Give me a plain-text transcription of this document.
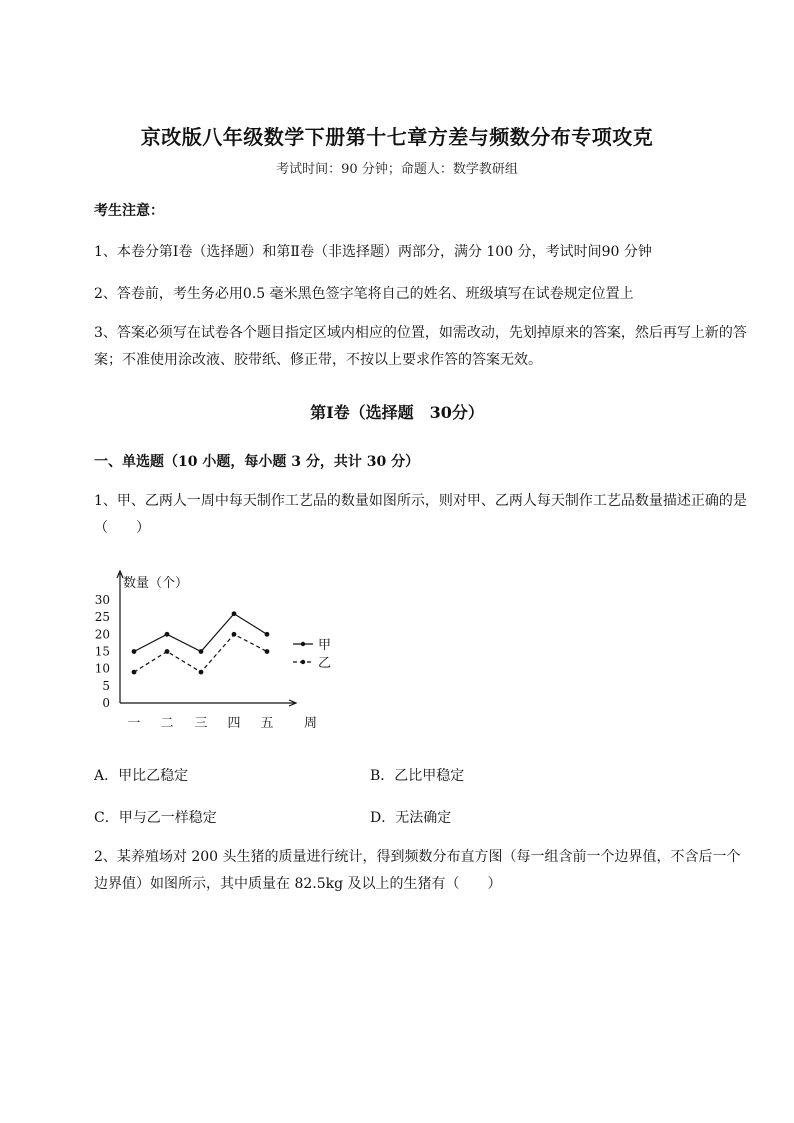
京改版八年级数学下册第十七章方差与频数分布专项攻克
考试时间：90 分钟；命题人：数学教研组
考生注意：
1、本卷分第Ⅰ卷（选择题）和第Ⅱ卷（非选择题）两部分，满分 100 分，考试时间90 分钟
2、答卷前，考生务必用0.5 毫米黑色签字笔将自己的姓名、班级填写在试卷规定位置上
3、答案必须写在试卷各个题目指定区域内相应的位置，如需改动，先划掉原来的答案，然后再写上新的答案；不准使用涂改液、胶带纸、修正带，不按以上要求作答的答案无效。
第Ⅰ卷（选择题　30分）
一、单选题（10 小题，每小题 3 分，共计 30 分）
1、甲、乙两人一周中每天制作工艺品的数量如图所示，则对甲、乙两人每天制作工艺品数量描述正确的是（　　）
数量（个）
周
0
5
10
15
20
25
30
一 二 三 四 五
甲
乙
A．甲比乙稳定	B．乙比甲稳定
C．甲与乙一样稳定	D．无法确定
2、某养殖场对 200 头生猪的质量进行统计，得到频数分布直方图（每一组含前一个边界值，不含后一个边界值）如图所示，其中质量在 82.5kg 及以上的生猪有（　　）
